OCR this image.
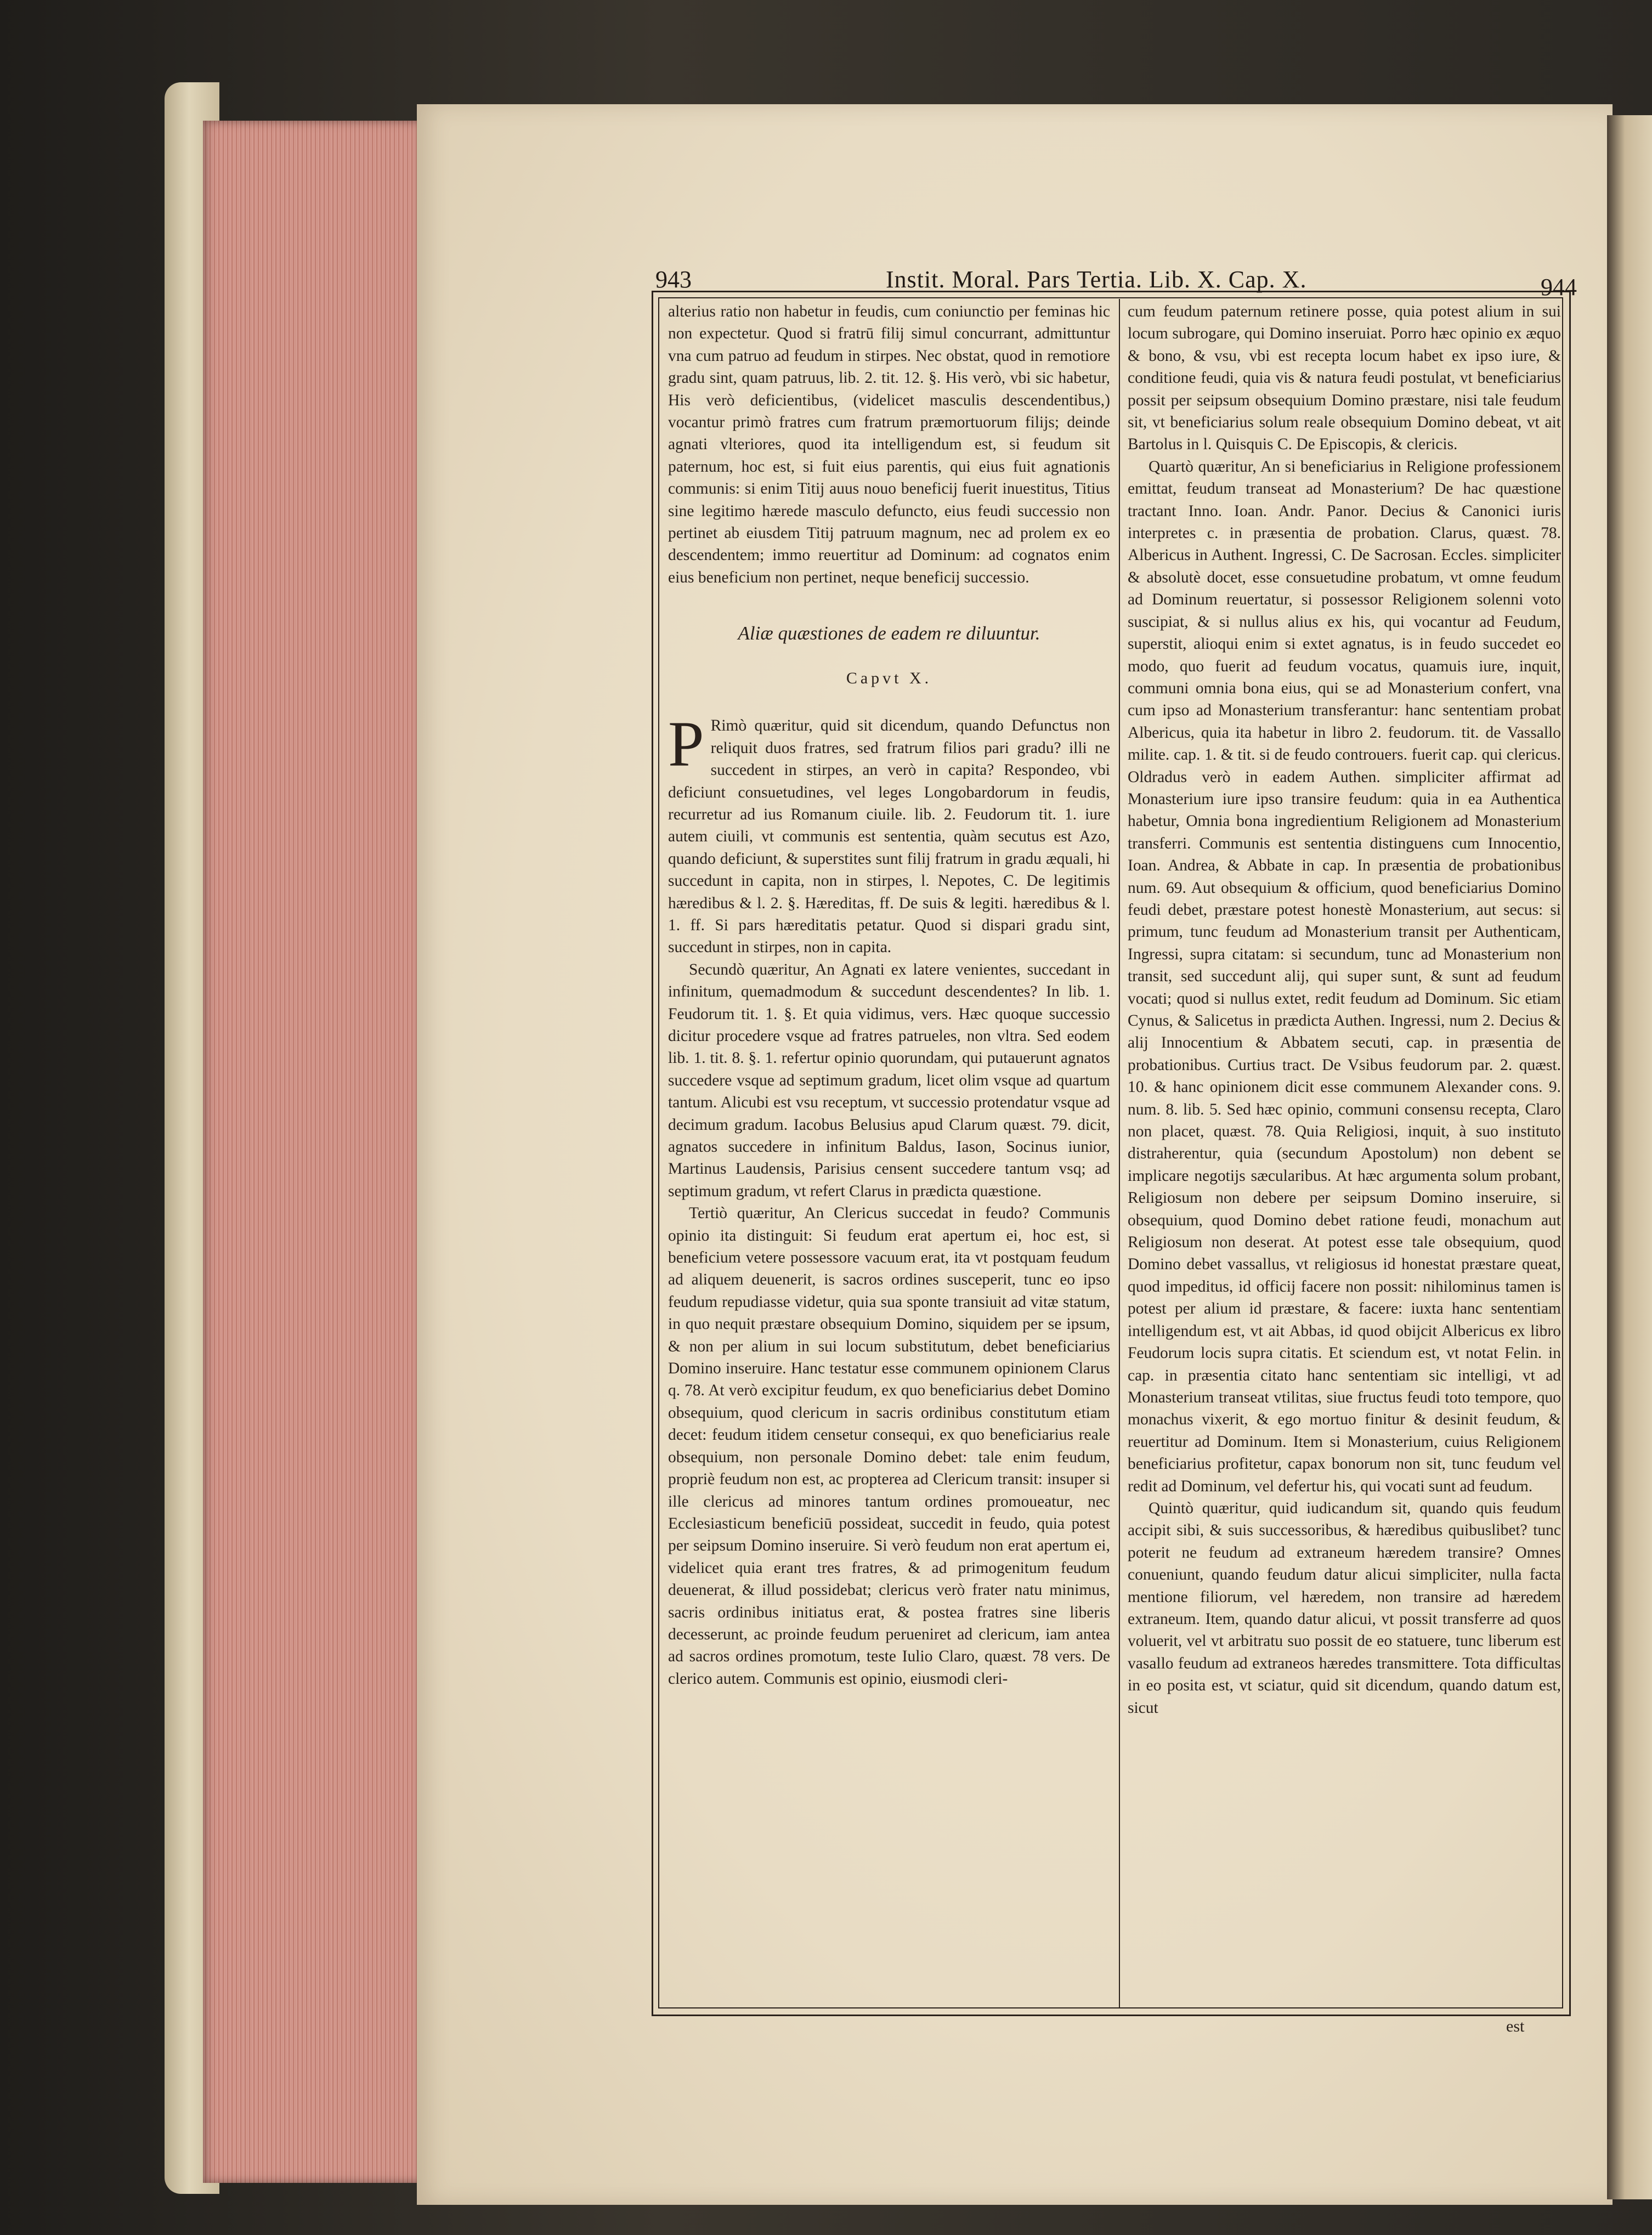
943	Instit. Moral. Pars Tertia. Lib. X. Cap. X.	944

alterius ratio non habetur in feudis, cum coniunctio per feminas hic non expectetur. Quod si fratrū filij simul concurrant, admittuntur vna cum patruo ad feudum in stirpes. Nec obstat, quod in remotiore gradu sint, quam patruus, lib. 2. tit. 12. §. His verò, vbi sic habetur, His verò deficientibus, (videlicet masculis descendentibus,) vocantur primò fratres cum fratrum præmortuorum filijs; deinde agnati vlteriores, quod ita intelligendum est, si feudum sit paternum, hoc est, si fuit eius parentis, qui eius fuit agnationis communis: si enim Titij auus nouo beneficij fuerit inuestitus, Titius sine legitimo hærede masculo defuncto, eius feudi successio non pertinet ab eiusdem Titij patruum magnum, nec ad prolem ex eo descendentem; immo reuertitur ad Dominum: ad cognatos enim eius beneficium non pertinet, neque beneficij successio.

Aliæ quæstiones de eadem re diluuntur.
Capvt X.

P Rimò quæritur, quid sit dicendum, quando Defunctus non reliquit duos fratres, sed fratrum filios pari gradu? illi ne succedent in stirpes, an verò in capita? Respondeo, vbi deficiunt consuetudines, vel leges Longobardorum in feudis, recurretur ad ius Romanum ciuile. lib. 2. Feudorum tit. 1. iure autem ciuili, vt communis est sententia, quàm secutus est Azo, quando deficiunt, & superstites sunt filij fratrum in gradu æquali, hi succedunt in capita, non in stirpes, l. Nepotes, C. De legitimis hæredibus & l. 2. §. Hæreditas, ff. De suis & legiti. hæredibus & l. 1. ff. Si pars hæreditatis petatur. Quod si dispari gradu sint, succedunt in stirpes, non in capita.

Secundò quæritur, An Agnati ex latere venientes, succedant in infinitum, quemadmodum & succedunt descendentes? In lib. 1. Feudorum tit. 1. §. Et quia vidimus, vers. Hæc quoque successio dicitur procedere vsque ad fratres patrueles, non vltra. Sed eodem lib. 1. tit. 8. §. 1. refertur opinio quorundam, qui putauerunt agnatos succedere vsque ad septimum gradum, licet olim vsque ad quartum tantum. Alicubi est vsu receptum, vt successio protendatur vsque ad decimum gradum. Iacobus Belusius apud Clarum quæst. 79. dicit, agnatos succedere in infinitum Baldus, Iason, Socinus iunior, Martinus Laudensis, Parisius censent succedere tantum vsq; ad septimum gradum, vt refert Clarus in prædicta quæstione.

Tertiò quæritur, An Clericus succedat in feudo? Communis opinio ita distinguit: Si feudum erat apertum ei, hoc est, si beneficium vetere possessore vacuum erat, ita vt postquam feudum ad aliquem deuenerit, is sacros ordines susceperit, tunc eo ipso feudum repudiasse videtur, quia sua sponte transiuit ad vitæ statum, in quo nequit præstare obsequium Domino, siquidem per se ipsum, & non per alium in sui locum substitutum, debet beneficiarius Domino inseruire. Hanc testatur esse communem opinionem Clarus q. 78. At verò excipitur feudum, ex quo beneficiarius debet Domino obsequium, quod clericum in sacris ordinibus constitutum etiam decet: feudum itidem censetur consequi, ex quo beneficiarius reale obsequium, non personale Domino debet: tale enim feudum, propriè feudum non est, ac propterea ad Clericum transit: insuper si ille clericus ad minores tantum ordines promoueatur, nec Ecclesiasticum beneficiū possideat, succedit in feudo, quia potest per seipsum Domino inseruire. Si verò feudum non erat apertum ei, videlicet quia erant tres fratres, & ad primogenitum feudum deuenerat, & illud possidebat; clericus verò frater natu minimus, sacris ordinibus initiatus erat, & postea fratres sine liberis decesserunt, ac proinde feudum perueniret ad clericum, iam antea ad sacros ordines promotum, teste Iulio Claro, quæst. 78 vers. De clerico autem. Communis est opinio, eiusmodi cleri-

cum feudum paternum retinere posse, quia potest alium in sui locum subrogare, qui Domino inseruiat. Porro hæc opinio ex æquo & bono, & vsu, vbi est recepta locum habet ex ipso iure, & conditione feudi, quia vis & natura feudi postulat, vt beneficiarius possit per seipsum obsequium Domino præstare, nisi tale feudum sit, vt beneficiarius solum reale obsequium Domino debeat, vt ait Bartolus in l. Quisquis C. De Episcopis, & clericis.

Quartò quæritur, An si beneficiarius in Religione professionem emittat, feudum transeat ad Monasterium? De hac quæstione tractant Inno. Ioan. Andr. Panor. Decius & Canonici iuris interpretes c. in præsentia de probation. Clarus, quæst. 78. Albericus in Authent. Ingressi, C. De Sacrosan. Eccles. simpliciter & absolutè docet, esse consuetudine probatum, vt omne feudum ad Dominum reuertatur, si possessor Religionem solenni voto suscipiat, & si nullus alius ex his, qui vocantur ad Feudum, superstit, alioqui enim si extet agnatus, is in feudo succedet eo modo, quo fuerit ad feudum vocatus, quamuis iure, inquit, communi omnia bona eius, qui se ad Monasterium confert, vna cum ipso ad Monasterium transferantur: hanc sententiam probat Albericus, quia ita habetur in libro 2. feudorum. tit. de Vassallo milite. cap. 1. & tit. si de feudo controuers. fuerit cap. qui clericus. Oldradus verò in eadem Authen. simpliciter affirmat ad Monasterium iure ipso transire feudum: quia in ea Authentica habetur, Omnia bona ingredientium Religionem ad Monasterium transferri. Communis est sententia distinguens cum Innocentio, Ioan. Andrea, & Abbate in cap. In præsentia de probationibus num. 69. Aut obsequium & officium, quod beneficiarius Domino feudi debet, præstare potest honestè Monasterium, aut secus: si primum, tunc feudum ad Monasterium transit per Authenticam, Ingressi, supra citatam: si secundum, tunc ad Monasterium non transit, sed succedunt alij, qui super sunt, & sunt ad feudum vocati; quod si nullus extet, redit feudum ad Dominum. Sic etiam Cynus, & Salicetus in prædicta Authen. Ingressi, num 2. Decius & alij Innocentium & Abbatem secuti, cap. in præsentia de probationibus. Curtius tract. De Vsibus feudorum par. 2. quæst. 10. & hanc opinionem dicit esse communem Alexander cons. 9. num. 8. lib. 5. Sed hæc opinio, communi consensu recepta, Claro non placet, quæst. 78. Quia Religiosi, inquit, à suo instituto distraherentur, quia (secundum Apostolum) non debent se implicare negotijs sæcularibus. At hæc argumenta solum probant, Religiosum non debere per seipsum Domino inseruire, si obsequium, quod Domino debet ratione feudi, monachum aut Religiosum non deserat. At potest esse tale obsequium, quod Domino debet vassallus, vt religiosus id honestat præstare queat, quod impeditus, id officij facere non possit: nihilominus tamen is potest per alium id præstare, & facere: iuxta hanc sententiam intelligendum est, vt ait Abbas, id quod obijcit Albericus ex libro Feudorum locis supra citatis. Et sciendum est, vt notat Felin. in cap. in præsentia citato hanc sententiam sic intelligi, vt ad Monasterium transeat vtilitas, siue fructus feudi toto tempore, quo monachus vixerit, & ego mortuo finitur & desinit feudum, & reuertitur ad Dominum. Item si Monasterium, cuius Religionem beneficiarius profitetur, capax bonorum non sit, tunc feudum vel redit ad Dominum, vel defertur his, qui vocati sunt ad feudum.

Quintò quæritur, quid iudicandum sit, quando quis feudum accipit sibi, & suis successoribus, & hæredibus quibuslibet? tunc poterit ne feudum ad extraneum hæredem transire? Omnes conueniunt, quando feudum datur alicui simpliciter, nulla facta mentione filiorum, vel hæredem, non transire ad hæredem extraneum. Item, quando datur alicui, vt possit transferre ad quos voluerit, vel vt arbitratu suo possit de eo statuere, tunc liberum est vasallo feudum ad extraneos hæredes transmittere. Tota difficultas in eo posita est, vt sciatur, quid sit dicendum, quando datum est, sicut

est
